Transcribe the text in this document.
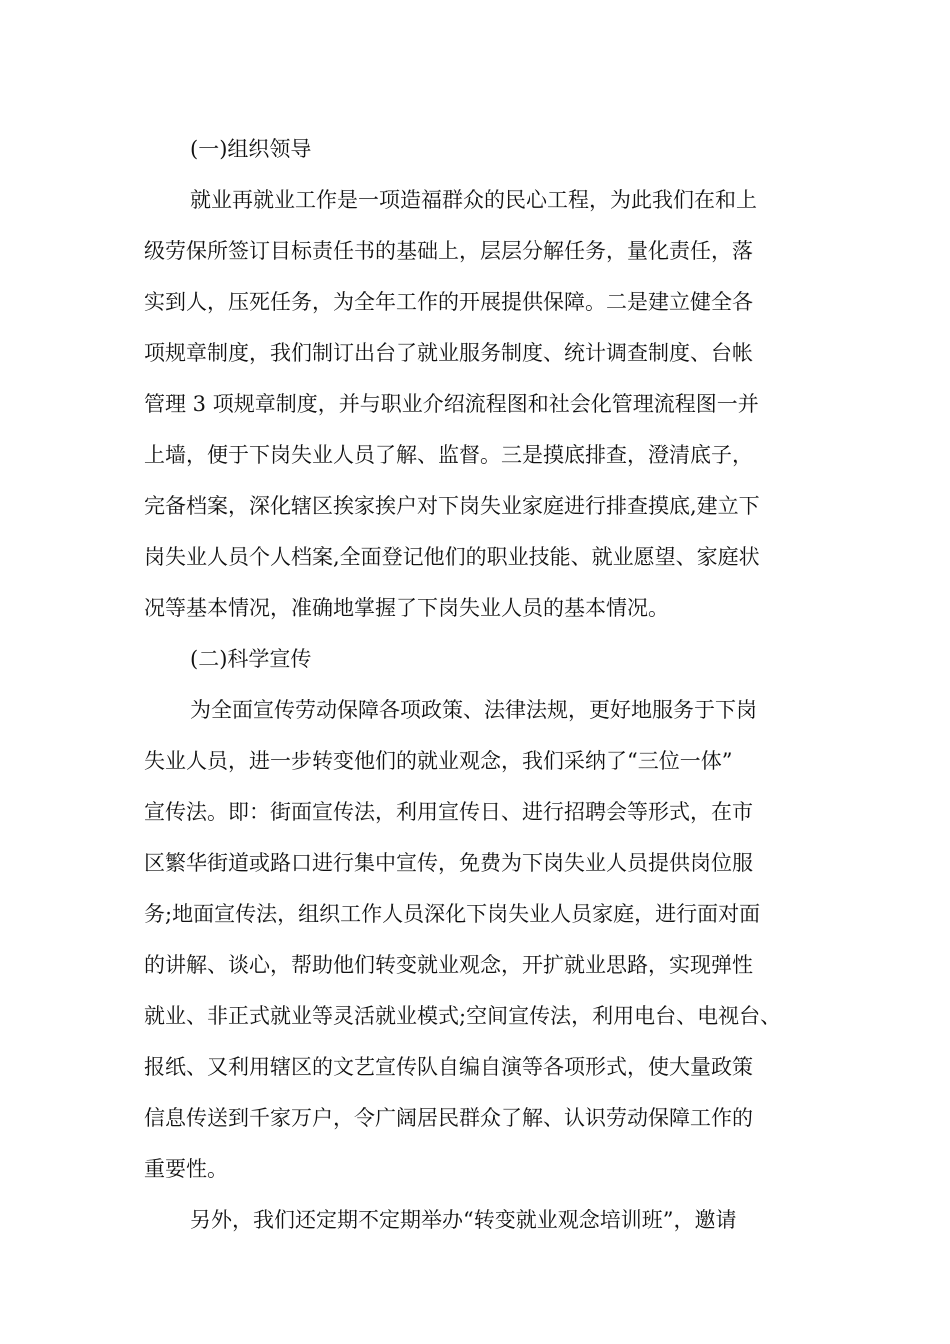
(一)组织领导

就业再就业工作是一项造福群众的民心工程，为此我们在和上

级劳保所签订目标责任书的基础上，层层分解任务，量化责任，落

实到人，压死任务，为全年工作的开展提供保障。二是建立健全各

项规章制度，我们制订出台了就业服务制度、统计调查制度、台帐

管理 3 项规章制度，并与职业介绍流程图和社会化管理流程图一并

上墙，便于下岗失业人员了解、监督。三是摸底排查，澄清底子，

完备档案，深化辖区挨家挨户对下岗失业家庭进行排查摸底,建立下

岗失业人员个人档案,全面登记他们的职业技能、就业愿望、家庭状

况等基本情况，准确地掌握了下岗失业人员的基本情况。

(二)科学宣传

为全面宣传劳动保障各项政策、法律法规，更好地服务于下岗

失业人员，进一步转变他们的就业观念，我们采纳了“三位一体”

宣传法。即：街面宣传法，利用宣传日、进行招聘会等形式，在市

区繁华街道或路口进行集中宣传，免费为下岗失业人员提供岗位服

务;地面宣传法，组织工作人员深化下岗失业人员家庭，进行面对面

的讲解、谈心，帮助他们转变就业观念，开扩就业思路，实现弹性

就业、非正式就业等灵活就业模式;空间宣传法，利用电台、电视台、

报纸、又利用辖区的文艺宣传队自编自演等各项形式，使大量政策

信息传送到千家万户，令广阔居民群众了解、认识劳动保障工作的

重要性。

另外，我们还定期不定期举办“转变就业观念培训班”，邀请
